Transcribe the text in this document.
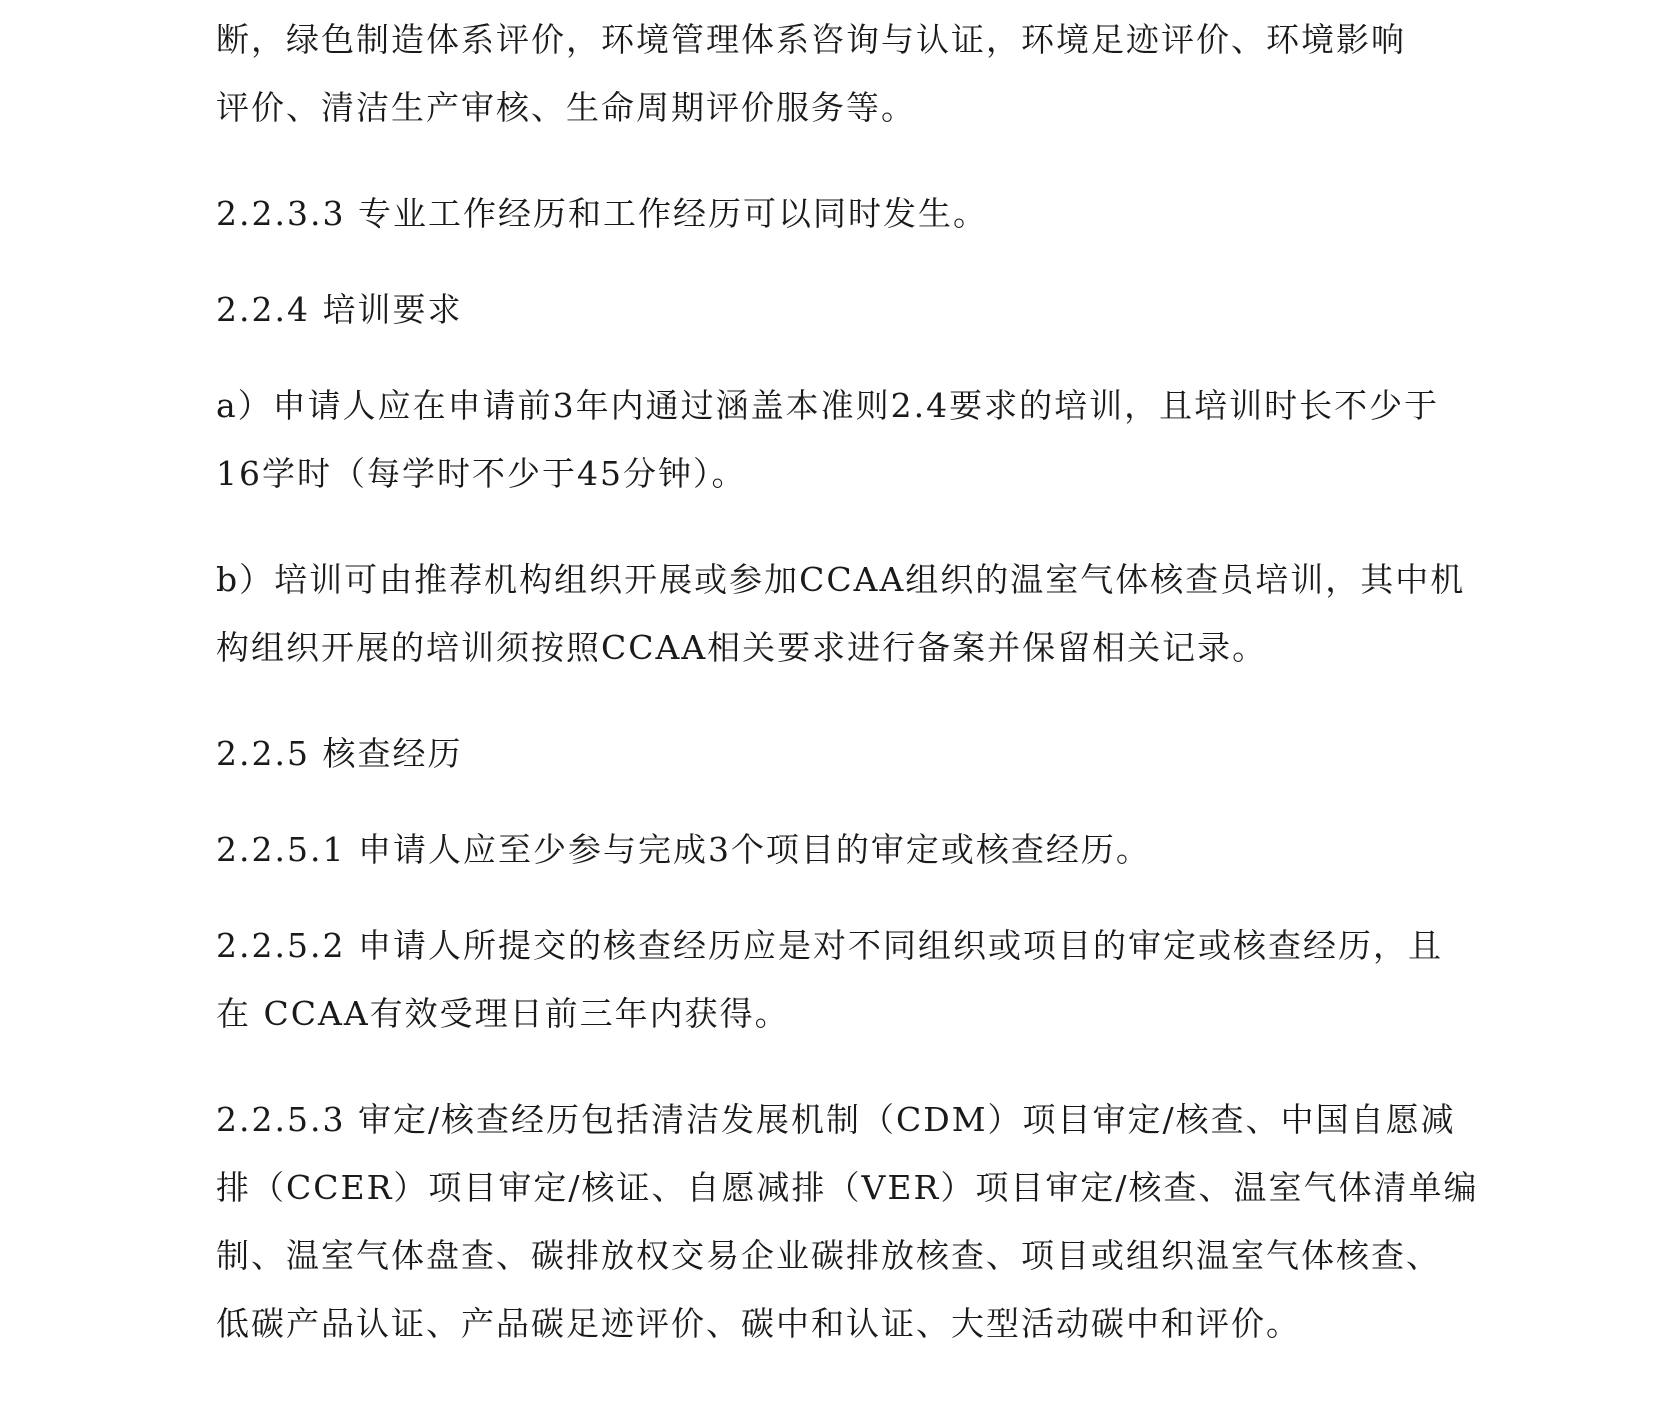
断，绿色制造体系评价，环境管理体系咨询与认证，环境足迹评价、环境影响
评价、清洁生产审核、生命周期评价服务等。

2.2.3.3 专业工作经历和工作经历可以同时发生。

2.2.4 培训要求

a）申请人应在申请前3年内通过涵盖本准则2.4要求的培训，且培训时长不少于
16学时（每学时不少于45分钟）。

b）培训可由推荐机构组织开展或参加CCAA组织的温室气体核查员培训，其中机
构组织开展的培训须按照CCAA相关要求进行备案并保留相关记录。

2.2.5 核查经历

2.2.5.1 申请人应至少参与完成3个项目的审定或核查经历。

2.2.5.2 申请人所提交的核查经历应是对不同组织或项目的审定或核查经历，且
在 CCAA有效受理日前三年内获得。

2.2.5.3 审定/核查经历包括清洁发展机制（CDM）项目审定/核查、中国自愿减
排（CCER）项目审定/核证、自愿减排（VER）项目审定/核查、温室气体清单编
制、温室气体盘查、碳排放权交易企业碳排放核查、项目或组织温室气体核查、
低碳产品认证、产品碳足迹评价、碳中和认证、大型活动碳中和评价。
